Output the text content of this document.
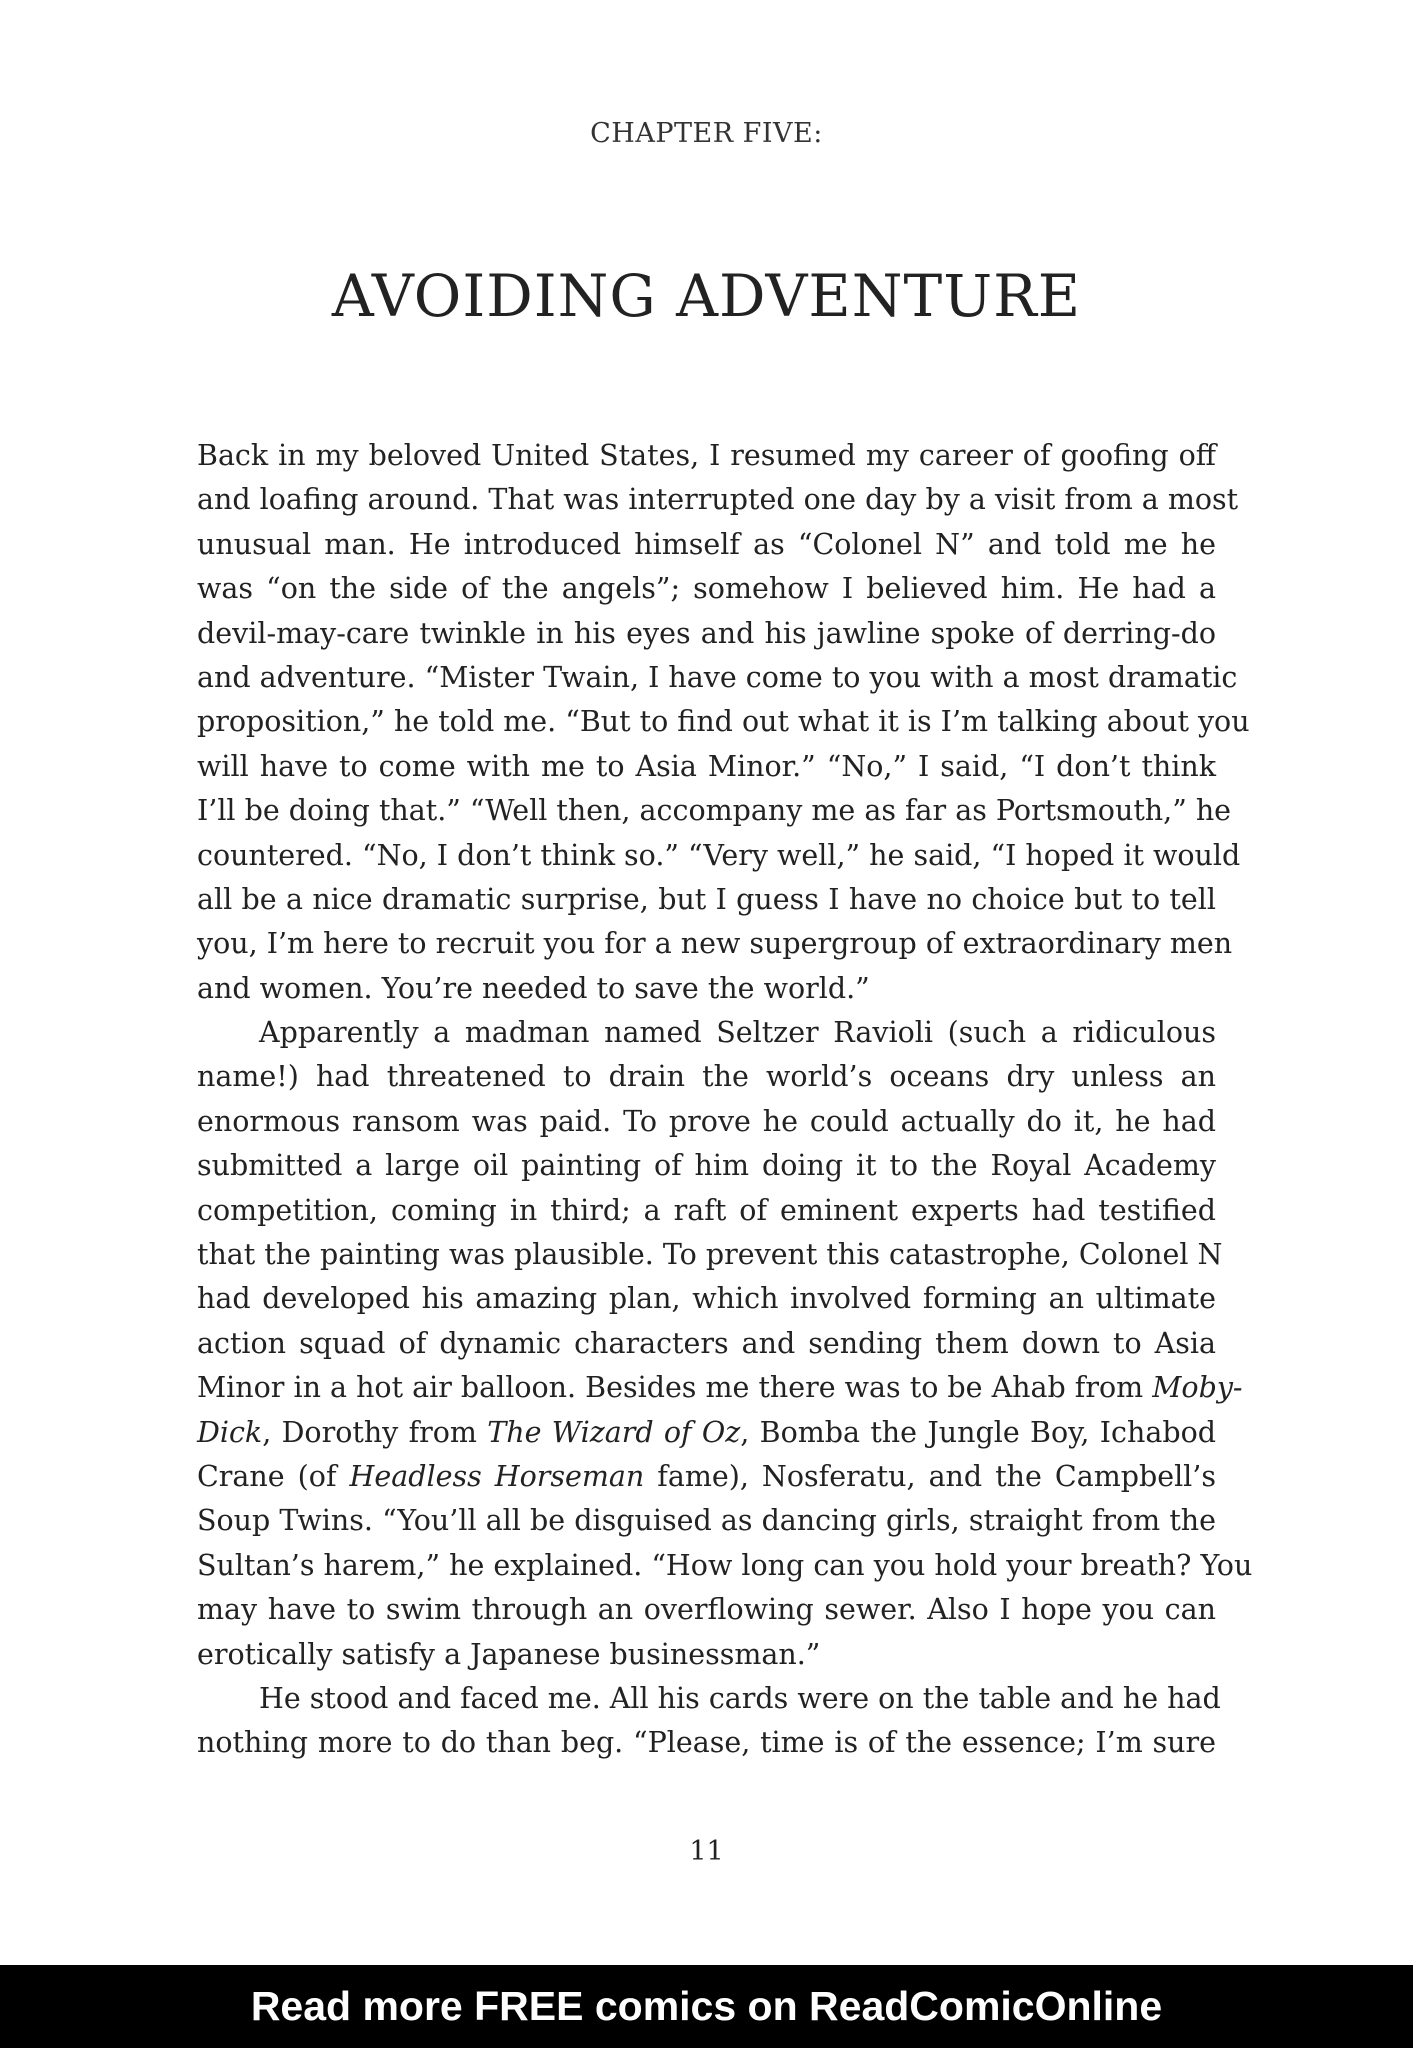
CHAPTER FIVE:
AVOIDING ADVENTURE
Back in my beloved United States, I resumed my career of goofing off
and loafing around. That was interrupted one day by a visit from a most
unusual man. He introduced himself as “Colonel N” and told me he
was “on the side of the angels”; somehow I believed him. He had a
devil-may-care twinkle in his eyes and his jawline spoke of derring-do
and adventure. “Mister Twain, I have come to you with a most dramatic
proposition,” he told me. “But to find out what it is I’m talking about you
will have to come with me to Asia Minor.” “No,” I said, “I don’t think
I’ll be doing that.” “Well then, accompany me as far as Portsmouth,” he
countered. “No, I don’t think so.” “Very well,” he said, “I hoped it would
all be a nice dramatic surprise, but I guess I have no choice but to tell
you, I’m here to recruit you for a new supergroup of extraordinary men
and women. You’re needed to save the world.”
Apparently a madman named Seltzer Ravioli (such a ridiculous
name!) had threatened to drain the world’s oceans dry unless an
enormous ransom was paid. To prove he could actually do it, he had
submitted a large oil painting of him doing it to the Royal Academy
competition, coming in third; a raft of eminent experts had testified
that the painting was plausible. To prevent this catastrophe, Colonel N
had developed his amazing plan, which involved forming an ultimate
action squad of dynamic characters and sending them down to Asia
Minor in a hot air balloon. Besides me there was to be Ahab from Moby-
Dick, Dorothy from The Wizard of Oz, Bomba the Jungle Boy, Ichabod
Crane (of Headless Horseman fame), Nosferatu, and the Campbell’s
Soup Twins. “You’ll all be disguised as dancing girls, straight from the
Sultan’s harem,” he explained. “How long can you hold your breath? You
may have to swim through an overflowing sewer. Also I hope you can
erotically satisfy a Japanese businessman.”
He stood and faced me. All his cards were on the table and he had
nothing more to do than beg. “Please, time is of the essence; I’m sure
11
Read more FREE comics on ReadComicOnline
